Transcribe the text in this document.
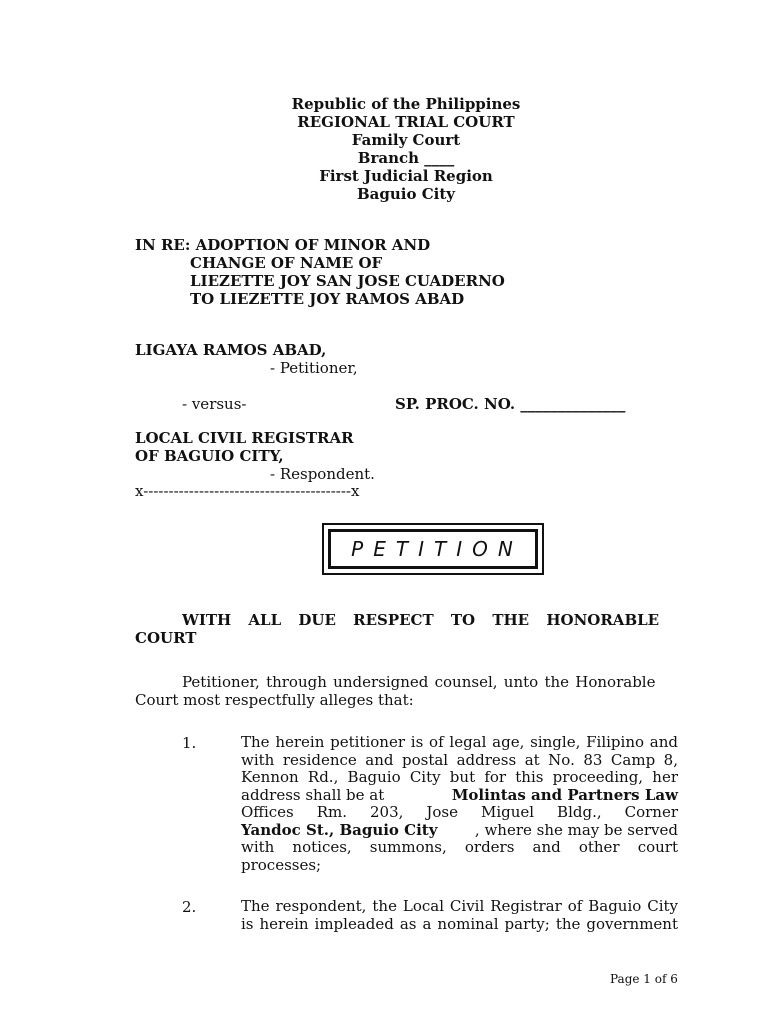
Republic of the Philippines
REGIONAL TRIAL COURT
Family Court
Branch ____
First Judicial Region
Baguio City
IN RE: ADOPTION OF MINOR AND
CHANGE OF NAME OF
LIEZETTE JOY SAN JOSE CUADERNO
TO LIEZETTE JOY RAMOS ABAD
LIGAYA RAMOS ABAD,
- Petitioner,
- versus-	SP. PROC. NO. ______________
LOCAL CIVIL REGISTRAR
OF BAGUIO CITY,
- Respondent.
x-----------------------------------------x
PETITION
WITH ALL DUE RESPECT TO THE HONORABLE
COURT
Petitioner, through undersigned counsel, unto the Honorable
Court most respectfully alleges that:
1.	The herein petitioner is of legal age, single, Filipino and
with residence and postal address at No. 83 Camp 8,
Kennon Rd., Baguio City but for this proceeding, her
address shall be at	Molintas and Partners Law
Offices Rm. 203, Jose Miguel Bldg., Corner
Yandoc St., Baguio City , where she may be served
with notices, summons, orders and other court
processes;
2.	The respondent, the Local Civil Registrar of Baguio City
is herein impleaded as a nominal party; the government
Page 1 of 6
